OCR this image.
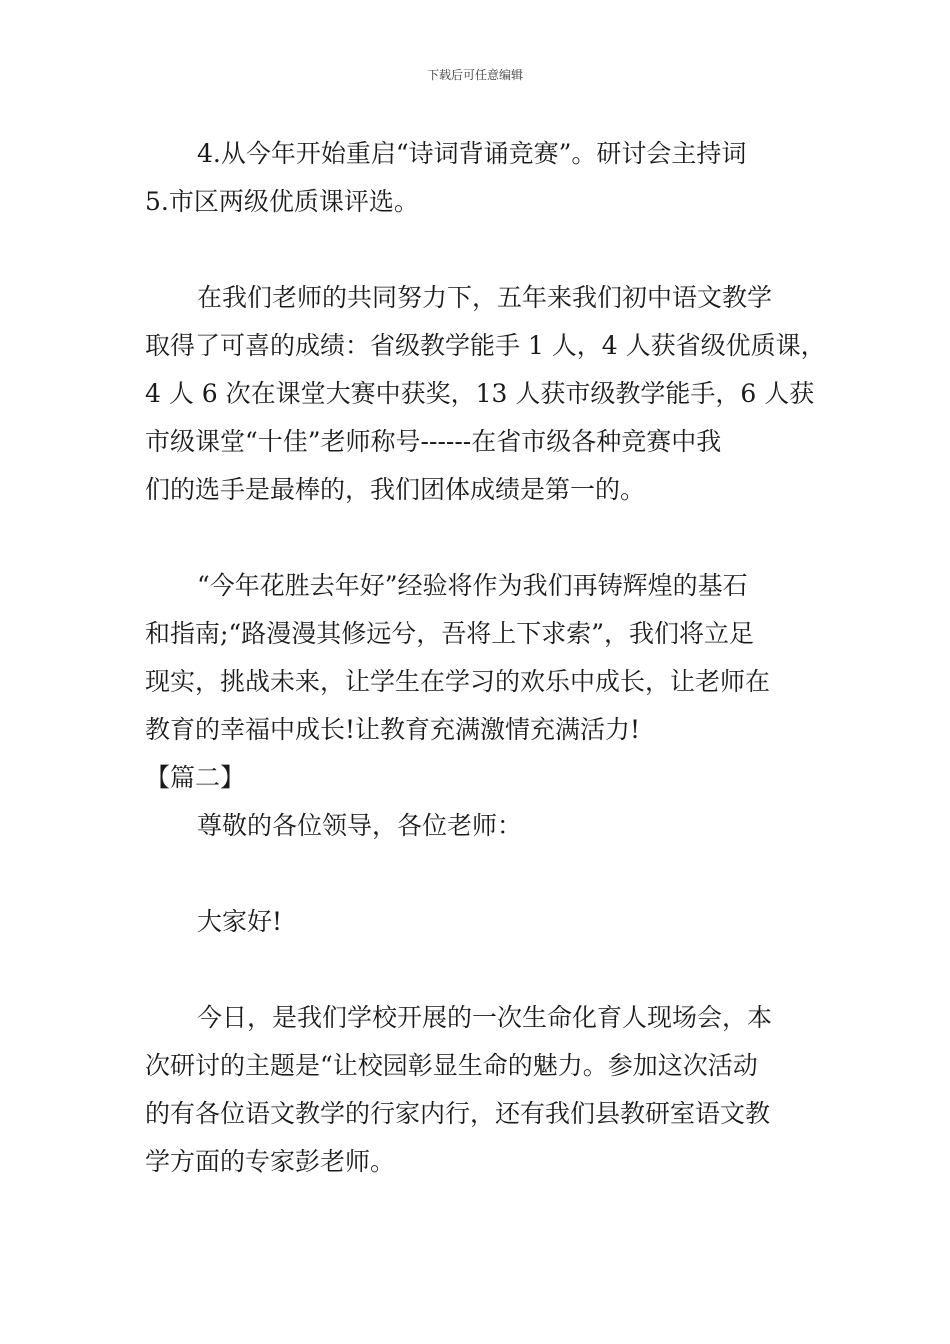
下载后可任意编辑

4.从今年开始重启“诗词背诵竞赛”。研讨会主持词

5.市区两级优质课评选。

在我们老师的共同努力下，五年来我们初中语文教学

取得了可喜的成绩：省级教学能手 1 人，4 人获省级优质课，

4 人 6 次在课堂大赛中获奖，13 人获市级教学能手，6 人获

市级课堂“十佳”老师称号------在省市级各种竞赛中我

们的选手是最棒的，我们团体成绩是第一的。

“今年花胜去年好”经验将作为我们再铸辉煌的基石

和指南;“路漫漫其修远兮，吾将上下求索”，我们将立足

现实，挑战未来，让学生在学习的欢乐中成长，让老师在

教育的幸福中成长!让教育充满激情充满活力!

【篇二】

尊敬的各位领导，各位老师：

大家好!

今日，是我们学校开展的一次生命化育人现场会，本

次研讨的主题是“让校园彰显生命的魅力。参加这次活动

的有各位语文教学的行家内行，还有我们县教研室语文教

学方面的专家彭老师。
